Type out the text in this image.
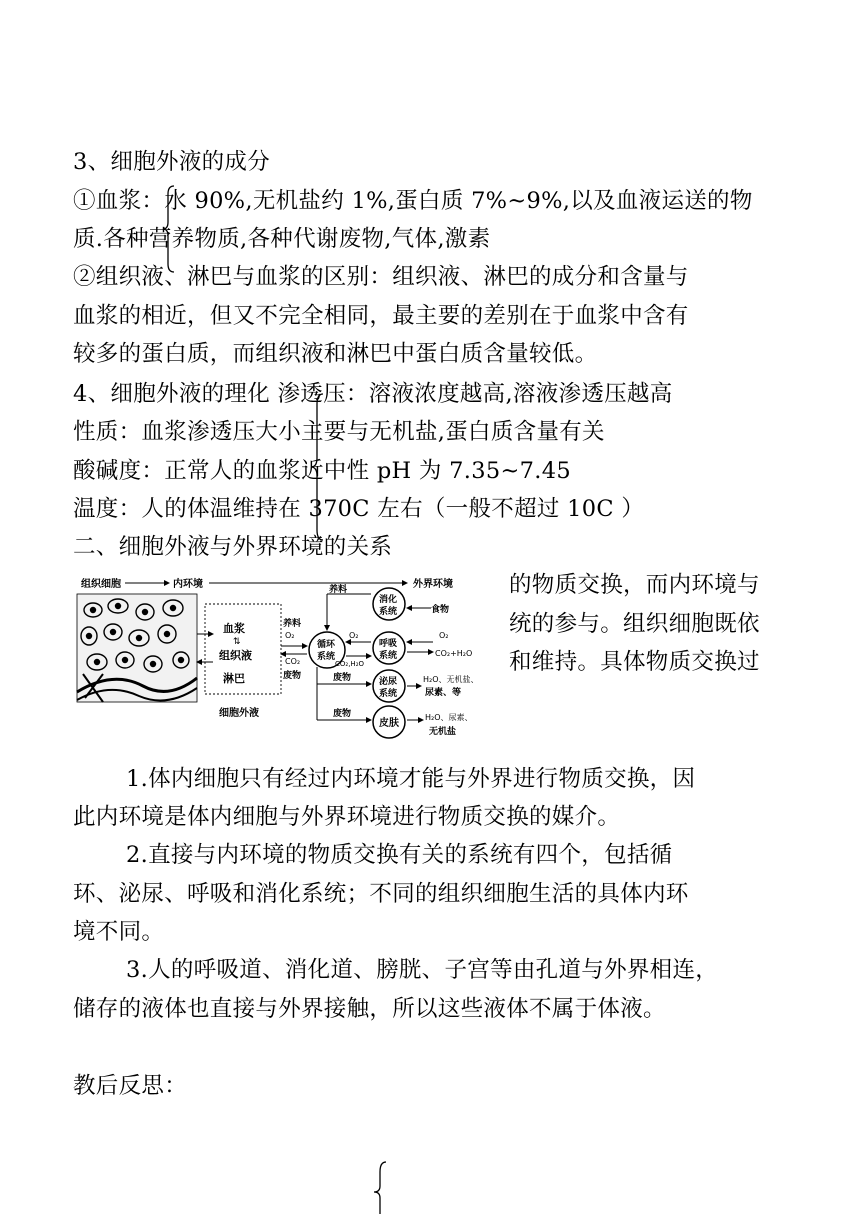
3、细胞外液的成分
①血浆：水 90%,无机盐约 1%,蛋白质 7%~9%,以及血液运送的物
质.各种营养物质,各种代谢废物,气体,激素
②组织液、淋巴与血浆的区别：组织液、淋巴的成分和含量与
血浆的相近，但又不完全相同，最主要的差别在于血浆中含有
较多的蛋白质，而组织液和淋巴中蛋白质含量较低。
4、细胞外液的理化 渗透压：溶液浓度越高,溶液渗透压越高
性质：血浆渗透压大小主要与无机盐,蛋白质含量有关
酸碱度：正常人的血浆近中性 pH 为 7.35~7.45
温度：人的体温维持在 370C 左右（一般不超过 10C ）
二、细胞外液与外界环境的关系
的物质交换，而内环境与
统的参与。组织细胞既依
和维持。具体物质交换过
组织细胞	内环境	外界环境
血浆
⇅
组织液
淋巴
细胞外液
养料
O₂
CO₂
废物
循环
系统
养料
消化
系统	食物
呼吸
系统
O₂
CO₂,H₂O
O₂
CO₂+H₂O
废物	泌尿
系统
H₂O、无机盐、
尿素、等
废物
皮肤
H₂O、尿素、
无机盐
1.体内细胞只有经过内环境才能与外界进行物质交换，因
此内环境是体内细胞与外界环境进行物质交换的媒介。
2.直接与内环境的物质交换有关的系统有四个，包括循
环、泌尿、呼吸和消化系统；不同的组织细胞生活的具体内环
境不同。
3.人的呼吸道、消化道、膀胱、子宫等由孔道与外界相连，
储存的液体也直接与外界接触，所以这些液体不属于体液。
教后反思：
